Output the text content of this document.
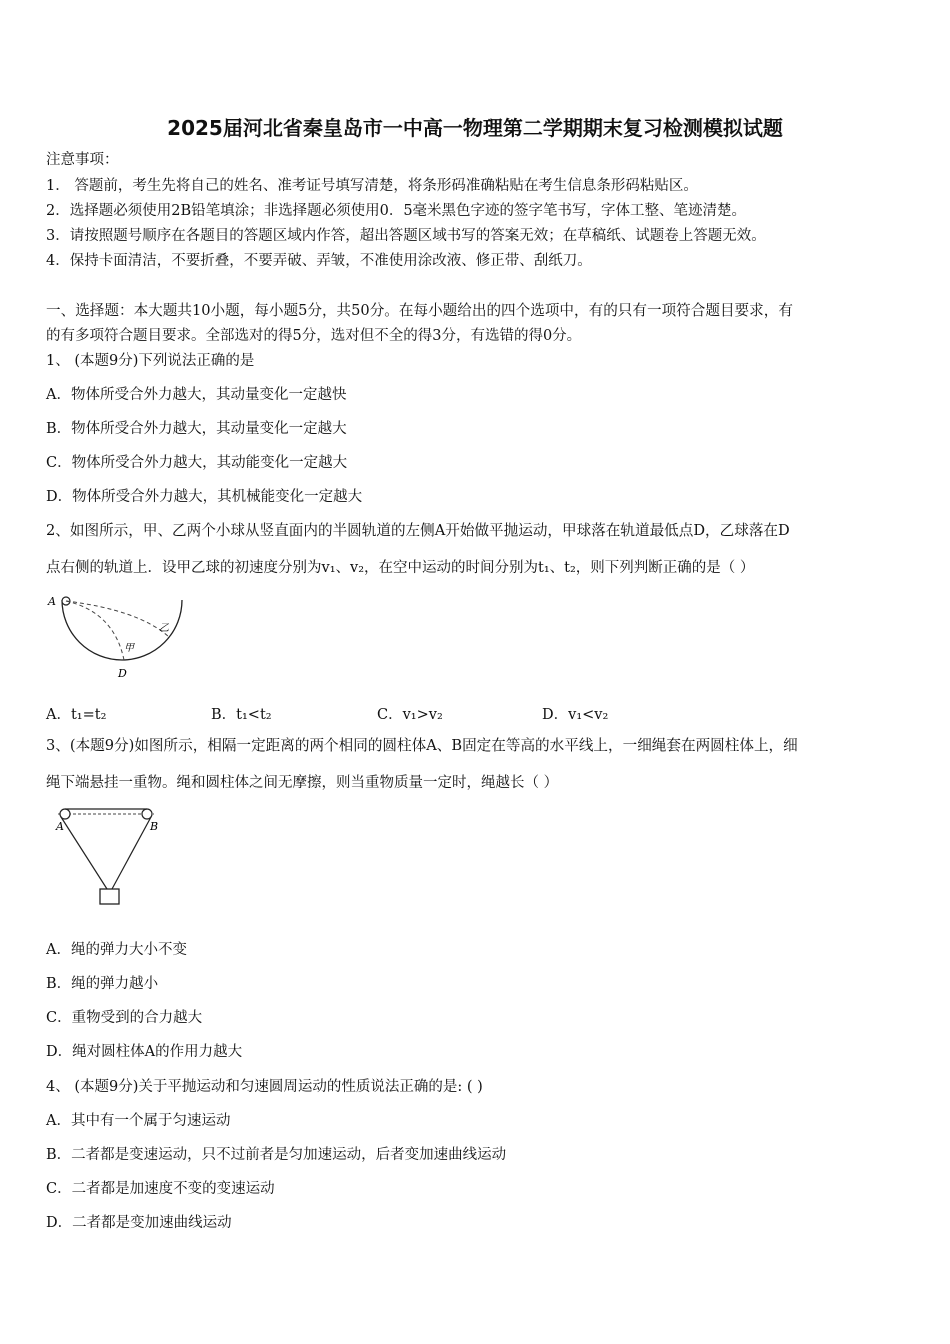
2025届河北省秦皇岛市一中高一物理第二学期期末复习检测模拟试题
注意事项：
1． 答题前，考生先将自己的姓名、准考证号填写清楚，将条形码准确粘贴在考生信息条形码粘贴区。
2．选择题必须使用2B铅笔填涂；非选择题必须使用0．5毫米黑色字迹的签字笔书写，字体工整、笔迹清楚。
3．请按照题号顺序在各题目的答题区域内作答，超出答题区域书写的答案无效；在草稿纸、试题卷上答题无效。
4．保持卡面清洁，不要折叠，不要弄破、弄皱，不准使用涂改液、修正带、刮纸刀。
一、选择题：本大题共10小题，每小题5分，共50分。在每小题给出的四个选项中，有的只有一项符合题目要求，有
的有多项符合题目要求。全部选对的得5分，选对但不全的得3分，有选错的得0分。
1、 (本题9分)下列说法正确的是
A．物体所受合外力越大，其动量变化一定越快
B．物体所受合外力越大，其动量变化一定越大
C．物体所受合外力越大，其动能变化一定越大
D．物体所受合外力越大，其机械能变化一定越大
2、如图所示，甲、乙两个小球从竖直面内的半圆轨道的左侧A开始做平抛运动，甲球落在轨道最低点D，乙球落在D
点右侧的轨道上．设甲乙球的初速度分别为v₁、v₂，在空中运动的时间分别为t₁、t₂，则下列判断正确的是（ ）
A
D
甲
乙
A．t₁=t₂	B．t₁<t₂	C．v₁>v₂	D．v₁<v₂
3、(本题9分)如图所示，相隔一定距离的两个相同的圆柱体A、B固定在等高的水平线上，一细绳套在两圆柱体上，细
绳下端悬挂一重物。绳和圆柱体之间无摩擦，则当重物质量一定时，绳越长（ ）
A	B
A．绳的弹力大小不变
B．绳的弹力越小
C．重物受到的合力越大
D．绳对圆柱体A的作用力越大
4、 (本题9分)关于平抛运动和匀速圆周运动的性质说法正确的是: ( )
A．其中有一个属于匀速运动
B．二者都是变速运动，只不过前者是匀加速运动，后者变加速曲线运动
C．二者都是加速度不变的变速运动
D．二者都是变加速曲线运动
